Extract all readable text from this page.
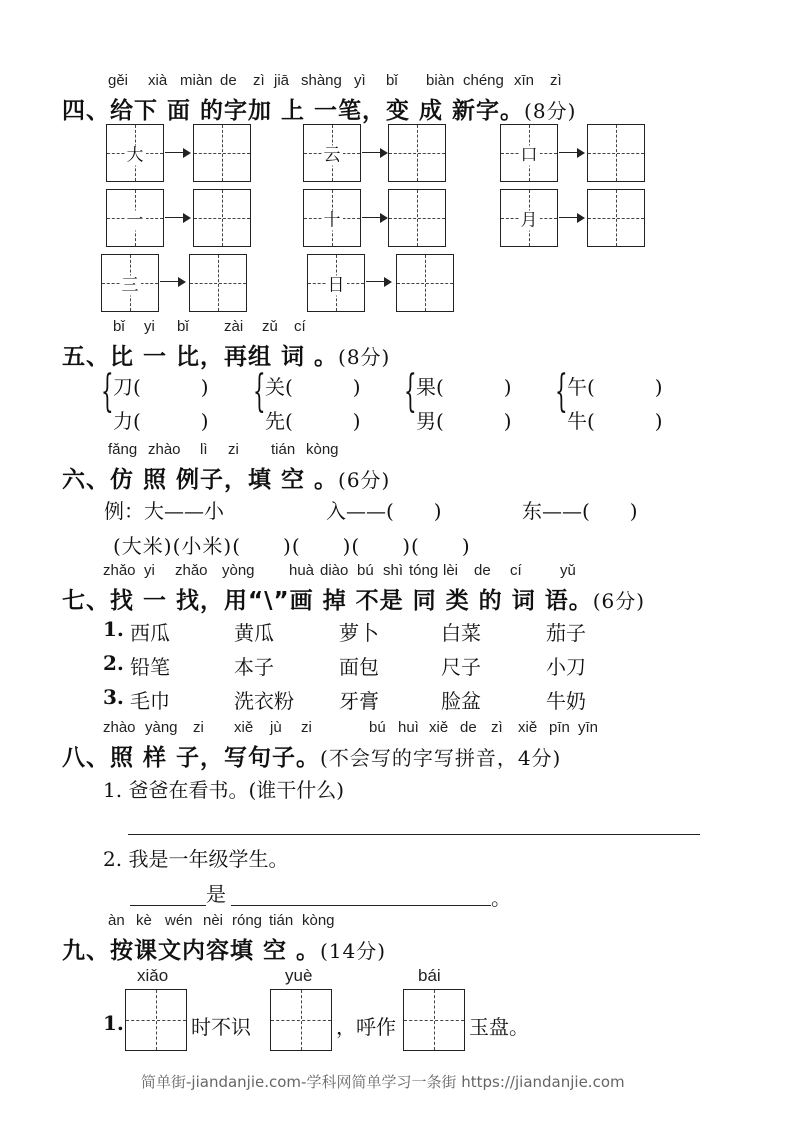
gěi xià miàn de zì jiā shàng yì bǐ biàn chéng xīn zì
四、给下 面 的字加 上 一笔，变 成 新字。(8分)
大	云	口
一	十	月
三	日
bǐ yi bǐ zài zǔ cí
五、比 一 比，再组 词 。(8分)
{ 刀(　　　)
力(　　　)
{ 关(　　　)
先(　　　)
{ 果(　　　)
男(　　　)
{ 午(　　　)
牛(　　　)
fǎng zhào lì zi tián kòng
六、仿 照 例子，填 空 。(6分)
例：大——小	入——(　　)	东——(　　)
(大米)(小米)(　　)(　　)(　　)(　　)
zhǎo yi zhǎo yòng huà diào bú shì tóng lèi de cí	yǔ
七、找 一 找，用“\”画 掉 不是 同 类 的 词 语。(6分)
1. 西瓜	黄瓜	萝卜	白菜	茄子
2. 铅笔	本子	面包	尺子	小刀
3. 毛巾	洗衣粉 牙膏	脸盆	牛奶
zhào yàng zi xiě jù zi	bú huì xiě de zì xiě pīn yīn
八、照 样 子，写句子。(不会写的字写拼音，4分)
1. 爸爸在看书。(谁干什么)
2. 我是一年级学生。
是	。
àn kè wén nèi róng tián kòng
九、按课文内容填 空 。(14分)
xiǎo	yuè	bái
1.	时不识	，呼作	玉盘。
简单街-jiandanjie.com-学科网简单学习一条街 https://jiandanjie.com
